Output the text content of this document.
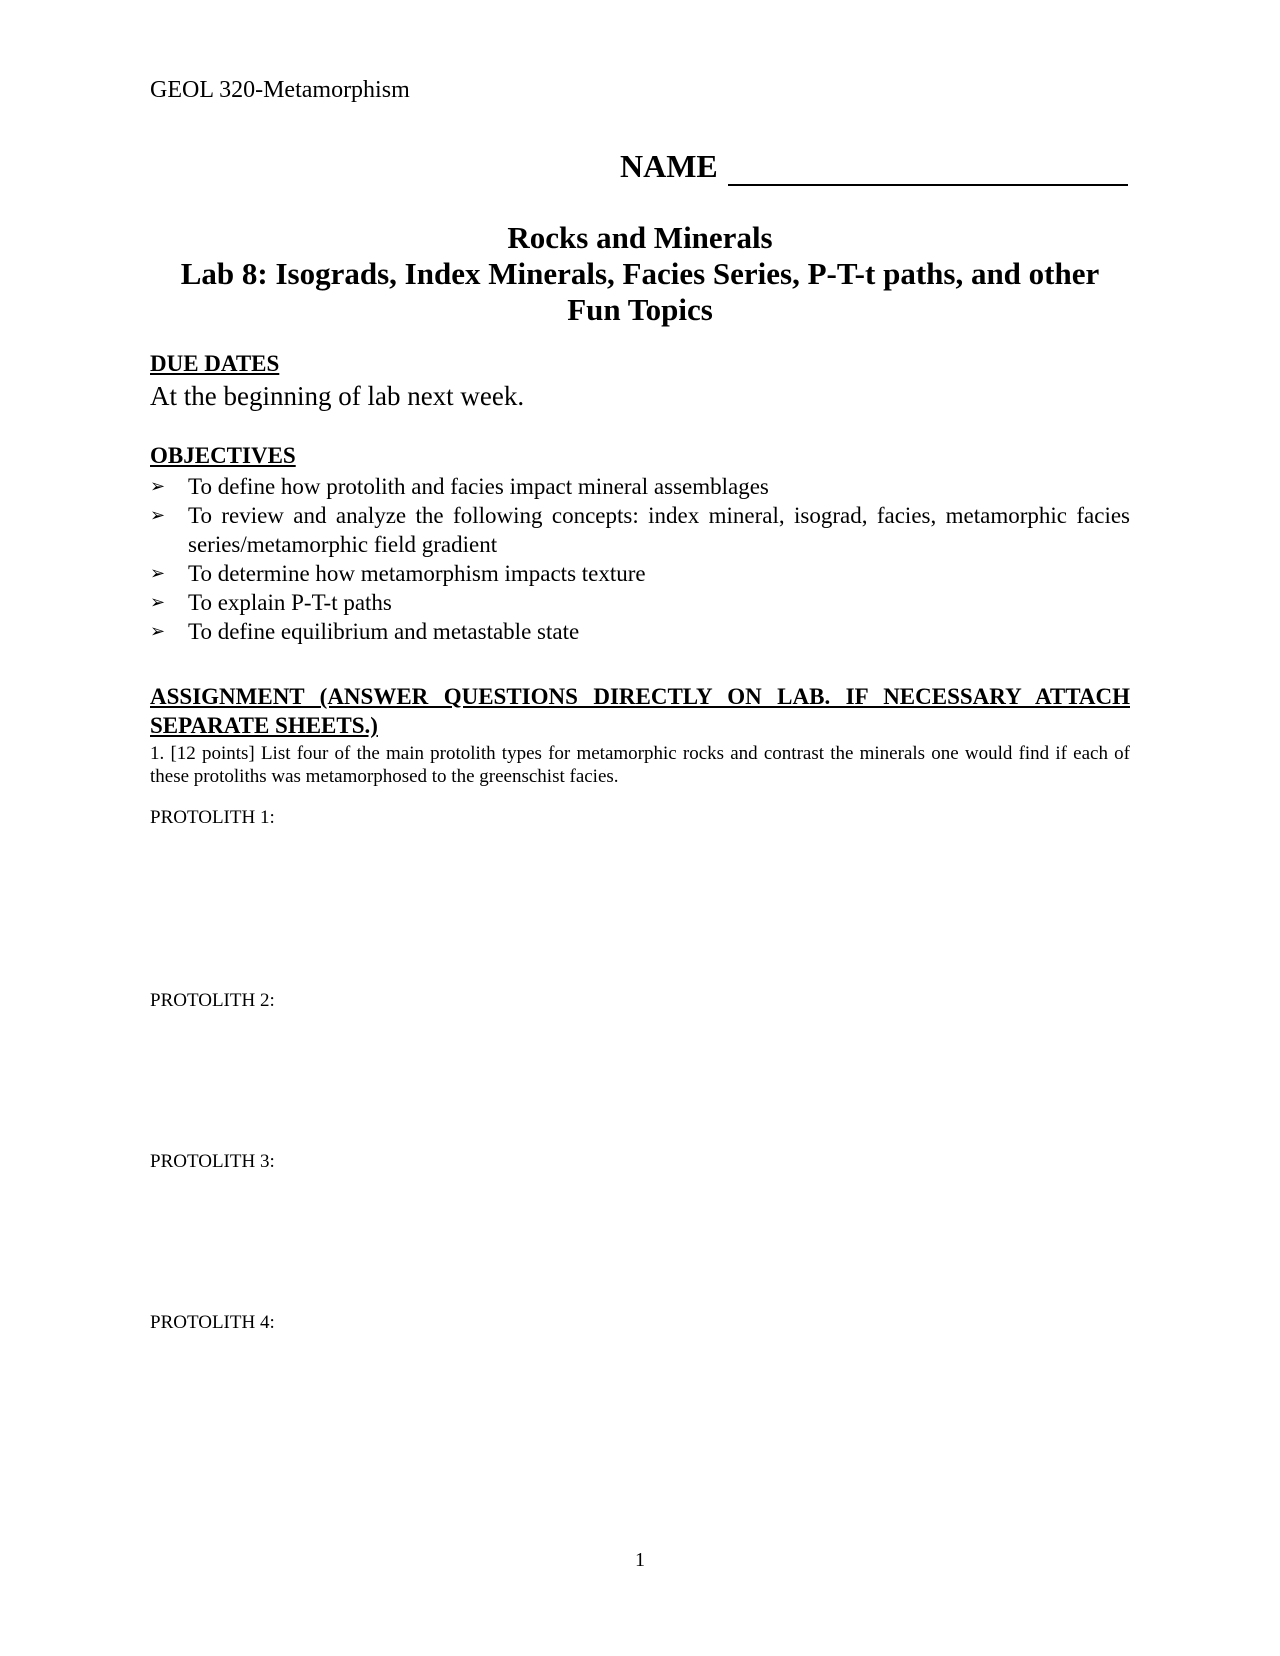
GEOL 320-Metamorphism
NAME
Rocks and Minerals
Lab 8: Isograds, Index Minerals, Facies Series, P-T-t paths, and other
Fun Topics
DUE DATES
At the beginning of lab next week.
OBJECTIVES
➢ To define how protolith and facies impact mineral assemblages
➢ To review and analyze the following concepts: index mineral, isograd, facies, metamorphic facies series/metamorphic field gradient
➢ To determine how metamorphism impacts texture
➢ To explain P-T-t paths
➢ To define equilibrium and metastable state
ASSIGNMENT (ANSWER QUESTIONS DIRECTLY ON LAB. IF NECESSARY ATTACH SEPARATE SHEETS.)
1. [12 points] List four of the main protolith types for metamorphic rocks and contrast the minerals one would find if each of these protoliths was metamorphosed to the greenschist facies.
PROTOLITH 1:
PROTOLITH 2:
PROTOLITH 3:
PROTOLITH 4:
1
